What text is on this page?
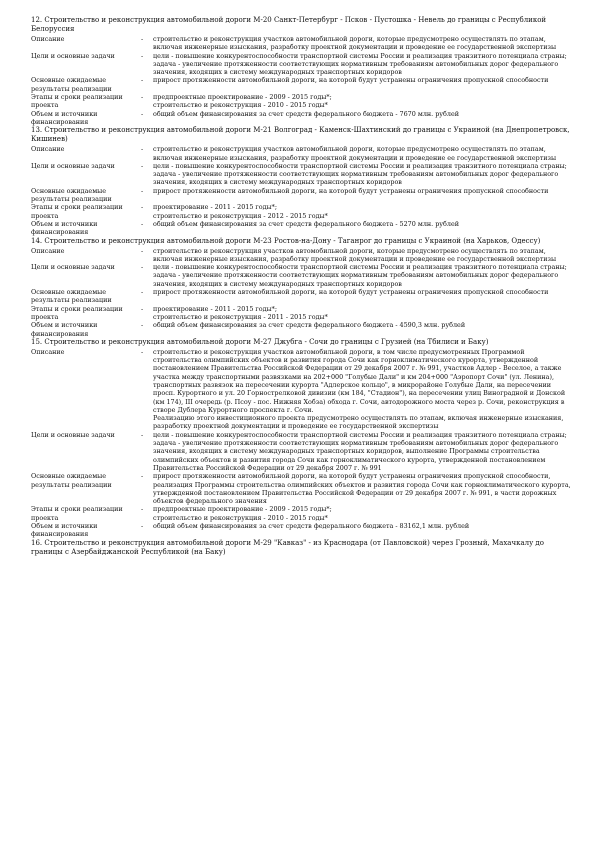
12. Строительство и реконструкция автомобильной дороги М-20 Санкт-Петербург - Псков - Пустошка - Невель до границы с Республикой Белоруссия
Описание	-	строительство и реконструкция участков автомобильной дороги, которые предусмотрено осуществлять по этапам, включая инженерные изыскания, разработку проектной документации и проведение ее государственной экспертизы
Цели и основные задачи	-	цели - повышение конкурентоспособности транспортной системы России и реализация транзитного потенциала страны;
задача - увеличение протяженности соответствующих нормативным требованиям автомобильных дорог федерального значения, входящих в систему международных транспортных коридоров
Основные ожидаемые результаты реализации
-	прирост протяженности автомобильной дороги, на которой будут устранены ограничения пропускной способности
Этапы и сроки реализации проекта
-	предпроектные проектирование - 2009 - 2015 годы*;
строительство и реконструкция - 2010 - 2015 годы*
Объем и источники финансирования
-	общий объем финансирования за счет средств федерального бюджета - 7670 млн. рублей
13. Строительство и реконструкция автомобильной дороги М-21 Волгоград - Каменск-Шахтинский до границы с Украиной (на Днепропетровск, Кишинев)
Описание	-	строительство и реконструкция участков автомобильной дороги, которые предусмотрено осуществлять по этапам, включая инженерные изыскания, разработку проектной документации и проведение ее государственной экспертизы
Цели и основные задачи	-	цели - повышение конкурентоспособности транспортной системы России и реализация транзитного потенциала страны;
задача - увеличение протяженности соответствующих нормативным требованиям автомобильных дорог федерального значения, входящих в систему международных транспортных коридоров
Основные ожидаемые результаты реализации
-	прирост протяженности автомобильной дороги, на которой будут устранены ограничения пропускной способности
Этапы и сроки реализации проекта
-	проектирование - 2011 - 2015 годы*;
строительство и реконструкция - 2012 - 2015 годы*
Объем и источники финансирования
-	общий объем финансирования за счет средств федерального бюджета - 5270 млн. рублей
14. Строительство и реконструкция автомобильной дороги М-23 Ростов-на-Дону - Таганрог до границы с Украиной (на Харьков, Одессу)
Описание	-	строительство и реконструкция участков автомобильной дороги, которые предусмотрено осуществлять по этапам, включая инженерные изыскания, разработку проектной документации и проведение ее государственной экспертизы
Цели и основные задачи	-	цели - повышение конкурентоспособности транспортной системы России и реализация транзитного потенциала страны;
задача - увеличение протяженности соответствующих нормативным требованиям автомобильных дорог федерального значения, входящих в систему международных транспортных коридоров
Основные ожидаемые результаты реализации
-	прирост протяженности автомобильной дороги, на которой будут устранены ограничения пропускной способности
Этапы и сроки реализации проекта
-	проектирование - 2011 - 2015 годы*;
строительство и реконструкция - 2011 - 2015 годы*
Объем и источники финансирования
-	общий объем финансирования за счет средств федерального бюджета - 4590,3 млн. рублей
15. Строительство и реконструкция автомобильной дороги М-27 Джубга - Сочи до границы с Грузией (на Тбилиси и Баку)
Описание	-	строительство и реконструкция участков автомобильной дороги, в том числе предусмотренных Программой строительства олимпийских объектов и развития города Сочи как горноклиматического курорта, утвержденной постановлением Правительства Российской Федерации от 29 декабря 2007 г. № 991, участков Адлер - Веселое, а также участка между транспортными развязками на 202+000 "Голубые Дали" и км 204+000 "Аэропорт Сочи" (ул. Ленина), транспортных развязок на пересечении курорта "Адлерское кольцо", в микрорайоне Голубые Дали, на пересечении просп. Курортного и ул. 20 Горнострелковой дивизии (км 184, "Стадион"), на пересечении улиц Виноградной и Донской (км 174), III очередь (р. Псоу - пос. Нижняя Хобза) обхода г. Сочи, автодорожного моста через р. Сочи, реконструкция в створе Дублера Курортного проспекта г. Сочи.
Реализацию этого инвестиционного проекта предусмотрено осуществлять по этапам, включая инженерные изыскания, разработку проектной документации и проведение ее государственной экспертизы
Цели и основные задачи	-	цели - повышение конкурентоспособности транспортной системы России и реализация транзитного потенциала страны;
задача - увеличение протяженности соответствующих нормативным требованиям автомобильных дорог федерального значения, входящих в систему международных транспортных коридоров, выполнение Программы строительства олимпийских объектов и развития города Сочи как горноклиматического курорта, утвержденной постановлением Правительства Российской Федерации от 29 декабря 2007 г. № 991
Основные ожидаемые результаты реализации
-	прирост протяженности автомобильной дороги, на которой будут устранены ограничения пропускной способности, реализация Программы строительства олимпийских объектов и развития города Сочи как горноклиматического курорта, утвержденной постановлением Правительства Российской Федерации от 29 декабря 2007 г. № 991, в части дорожных объектов федерального значения
Этапы и сроки реализации проекта
-	предпроектные проектирование - 2009 - 2015 годы*;
строительство и реконструкция - 2010 - 2015 годы*
Объем и источники финансирования
-	общий объем финансирования за счет средств федерального бюджета - 83162,1 млн. рублей
16. Строительство и реконструкция автомобильной дороги М-29 "Кавказ" - из Краснодара (от Павловской) через Грозный, Махачкалу до границы с Азербайджанской Республикой (на Баку)
